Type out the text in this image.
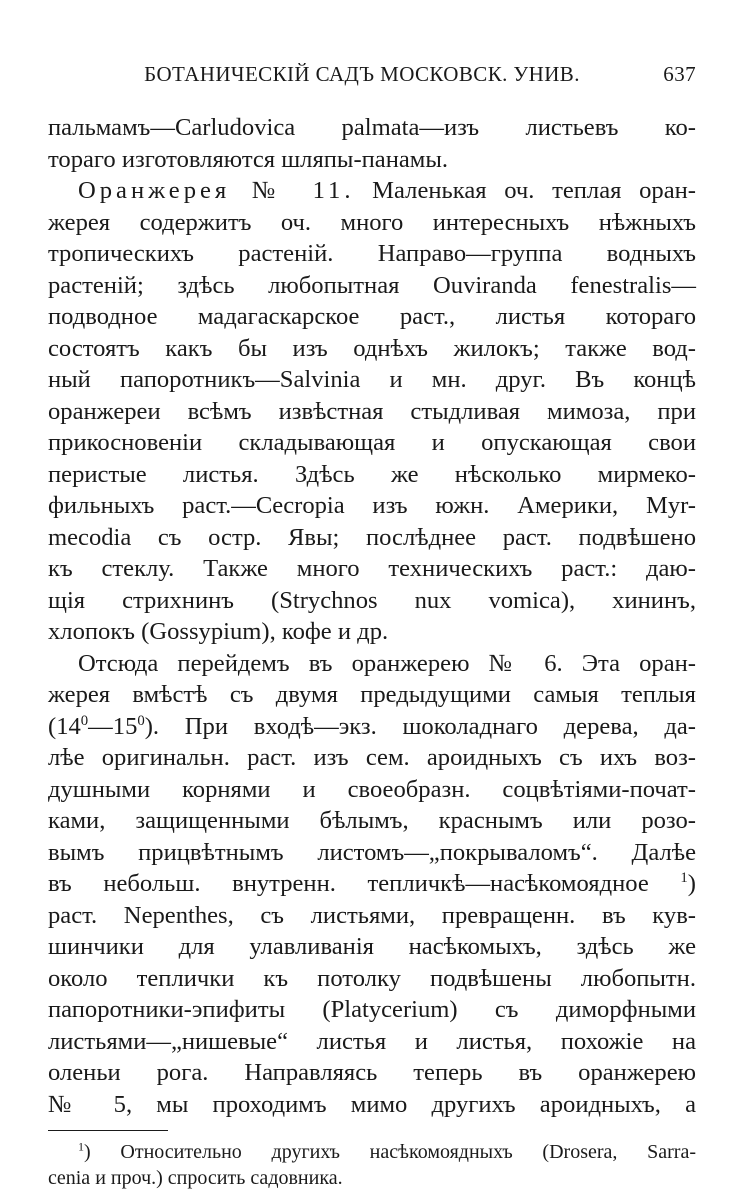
БОТАНИЧЕСКІЙ САДЪ МОСКОВСК. УНИВ.	637
пальмамъ—Carludovica palmata—изъ листьевъ ко-
тораго изготовляются шляпы-панамы.
Оранжерея № 11. Маленькая оч. теплая оран-
жерея содержитъ оч. много интересныхъ нѣжныхъ
тропическихъ растеній. Направо—группа водныхъ
растеній; здѣсь любопытная Ouviranda fenestralis—
подводное мадагаскарское раст., листья котораго
состоятъ какъ бы изъ однѣхъ жилокъ; также вод-
ный папоротникъ—Salvinia и мн. друг. Въ концѣ
оранжереи всѣмъ извѣстная стыдливая мимоза, при
прикосновеніи складывающая и опускающая свои
перистые листья. Здѣсь же нѣсколько мирмеко-
фильныхъ раст.—Cecropia изъ южн. Америки, Myr-
mecodia съ остр. Явы; послѣднее раст. подвѣшено
къ стеклу. Также много техническихъ раст.: даю-
щія стрихнинъ (Strychnos nux vomica), хининъ,
хлопокъ (Gossypium), кофе и др.
Отсюда перейдемъ въ оранжерею № 6. Эта оран-
жерея вмѣстѣ съ двумя предыдущими самыя теплыя
$(14^0—15^0)$. При входѣ—экз. шоколаднаго дерева, да-
лѣе оригинальн. раст. изъ сем. ароидныхъ съ ихъ воз-
душными корнями и своеобразн. соцвѣтіями-почат-
ками, защищенными бѣлымъ, краснымъ или розо-
вымъ прицвѣтнымъ листомъ—„покрываломъ“. Далѣе
въ небольш. внутренн. тепличкѣ—насѣкомоядное $^1$)
раст. Nepenthes, съ листьями, превращенн. въ кув-
шинчики для улавливанія насѣкомыхъ, здѣсь же
около теплички къ потолку подвѣшены любопытн.
папоротники-эпифиты (Platycerium) съ диморфными
листьями—„нишевые“ листья и листья, похожіе на
оленьи рога. Направляясь теперь въ оранжерею
№ 5, мы проходимъ мимо другихъ ароидныхъ, а
$^1$) Относительно другихъ насѣкомоядныхъ (Drosera, Sarra-
cenia и проч.) спросить садовника.
